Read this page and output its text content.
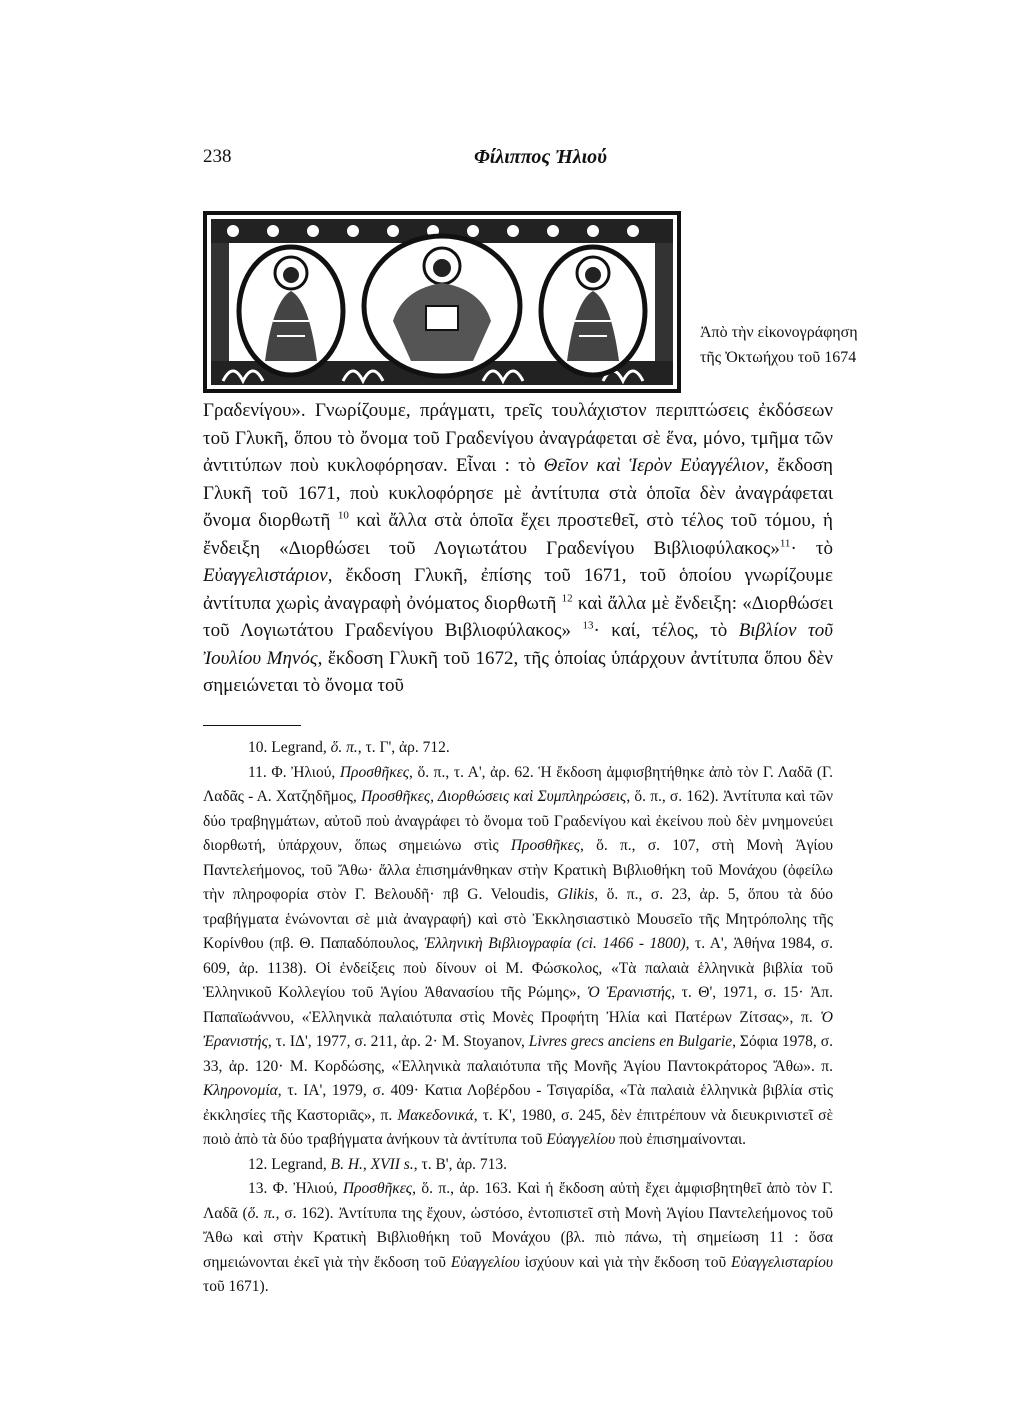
238	Φίλιππος Ἠλιού
Ἀπὸ τὴν εἰκονογράφηση
τῆς Ὀκτωήχου τοῦ 1674

Γραδενίγου». Γνωρίζουμε, πράγματι, τρεῖς τουλάχιστον περιπτώσεις ἐκδόσεων τοῦ Γλυκῆ, ὅπου τὸ ὄνομα τοῦ Γραδενίγου ἀναγράφεται σὲ ἕνα, μόνο, τμῆμα τῶν ἀντιτύπων ποὺ κυκλοφόρησαν. Εἶναι : τὸ Θεῖον καὶ Ἱερὸν Εὐαγγέλιον, ἔκδοση Γλυκῆ τοῦ 1671, ποὺ κυκλοφόρησε μὲ ἀντίτυπα στὰ ὁποῖα δὲν ἀναγράφεται ὄνομα διορθωτῆ $^{10}$ καὶ ἄλλα στὰ ὁποῖα ἔχει προστεθεῖ, στὸ τέλος τοῦ τόμου, ἡ ἔνδειξη «Διορθώσει τοῦ Λογιωτάτου Γραδενίγου Βιβλιοφύλακος»$^{11}$· τὸ Εὐαγγελιστάριον, ἔκδοση Γλυκῆ, ἐπίσης τοῦ 1671, τοῦ ὁποίου γνωρίζουμε ἀντίτυπα χωρὶς ἀναγραφὴ ὀνόματος διορθωτῆ $^{12}$ καὶ ἄλλα μὲ ἔνδειξη: «Διορθώσει τοῦ Λογιωτάτου Γραδενίγου Βιβλιοφύλακος» $^{13}$· καί, τέλος, τὸ Βιβλίον τοῦ Ἰουλίου Μηνός, ἔκδοση Γλυκῆ τοῦ 1672, τῆς ὁποίας ὑπάρχουν ἀντίτυπα ὅπου δὲν σημειώνεται τὸ ὄνομα τοῦ

10. Legrand, ὅ. π., τ. Γ', ἀρ. 712.

11. Φ. Ἠλιού, Προσθῆκες, ὅ. π., τ. Α', ἀρ. 62. Ἡ ἔκδοση ἀμφισβητήθηκε ἀπὸ τὸν Γ. Λαδᾶ (Γ. Λαδᾶς - Α. Χατζηδῆμος, Προσθῆκες, Διορθώσεις καὶ Συμπληρώσεις, ὅ. π., σ. 162). Ἀντίτυπα καὶ τῶν δύο τραβηγμάτων, αὐτοῦ ποὺ ἀναγράφει τὸ ὄνομα τοῦ Γραδενίγου καὶ ἐκείνου ποὺ δὲν μνημονεύει διορθωτή, ὑπάρχουν, ὅπως σημειώνω στὶς Προσθῆκες, ὅ. π., σ. 107, στὴ Μονὴ Ἁγίου Παντελεήμονος, τοῦ Ἄθω· ἄλλα ἐπισημάνθηκαν στὴν Κρατικὴ Βιβλιοθήκη τοῦ Μονάχου (ὀφείλω τὴν πληροφορία στὸν Γ. Βελουδῆ· πβ G. Veloudis, Glikis, ὅ. π., σ. 23, ἀρ. 5, ὅπου τὰ δύο τραβήγματα ἑνώνονται σὲ μιὰ ἀναγραφή) καὶ στὸ Ἐκκλησιαστικὸ Μουσεῖο τῆς Μητρόπολης τῆς Κορίνθου (πβ. Θ. Παπαδόπουλος, Ἑλληνικὴ Βιβλιογραφία (ci. 1466 - 1800), τ. Α', Ἀθήνα 1984, σ. 609, ἀρ. 1138). Οἱ ἐνδείξεις ποὺ δίνουν οἱ Μ. Φώσκολος, «Τὰ παλαιὰ ἑλληνικὰ βιβλία τοῦ Ἑλληνικοῦ Κολλεγίου τοῦ Ἁγίου Ἀθανασίου τῆς Ρώμης», Ὁ Ἐρανιστής, τ. Θ', 1971, σ. 15· Ἀπ. Παπαϊωάννου, «Ἑλληνικὰ παλαιότυπα στὶς Μονὲς Προφήτη Ἠλία καὶ Πατέρων Ζίτσας», π. Ὁ Ἐρανιστής, τ. ΙΔ', 1977, σ. 211, ἀρ. 2· M. Stoyanov, Livres grecs anciens en Bulgarie, Σόφια 1978, σ. 33, ἀρ. 120· Μ. Κορδώσης, «Ἑλληνικὰ παλαιότυπα τῆς Μονῆς Ἁγίου Παντοκράτορος Ἄθω». π. Κληρονομία, τ. ΙΑ', 1979, σ. 409· Κατια Λοβέρδου - Τσιγαρίδα, «Τὰ παλαιὰ ἑλληνικὰ βιβλία στὶς ἐκκλησίες τῆς Καστοριᾶς», π. Μακεδονικά, τ. Κ', 1980, σ. 245, δὲν ἐπιτρέπουν νὰ διευκρινιστεῖ σὲ ποιὸ ἀπὸ τὰ δύο τραβήγματα ἀνήκουν τὰ ἀντίτυπα τοῦ Εὐαγγελίου ποὺ ἐπισημαίνονται.

12. Legrand, B. H., XVII s., τ. Β', ἀρ. 713.

13. Φ. Ἠλιού, Προσθῆκες, ὅ. π., ἀρ. 163. Καὶ ἡ ἔκδοση αὐτὴ ἔχει ἀμφισβητηθεῖ ἀπὸ τὸν Γ. Λαδᾶ (ὅ. π., σ. 162). Ἀντίτυπα της ἔχουν, ὡστόσο, ἐντοπιστεῖ στὴ Μονὴ Ἁγίου Παντελεήμονος τοῦ Ἄθω καὶ στὴν Κρατικὴ Βιβλιοθήκη τοῦ Μονάχου (βλ. πιὸ πάνω, τὴ σημείωση 11 : ὅσα σημειώνονται ἐκεῖ γιὰ τὴν ἔκδοση τοῦ Εὐαγγελίου ἰσχύουν καὶ γιὰ τὴν ἔκδοση τοῦ Εὐαγγελισταρίου τοῦ 1671).
